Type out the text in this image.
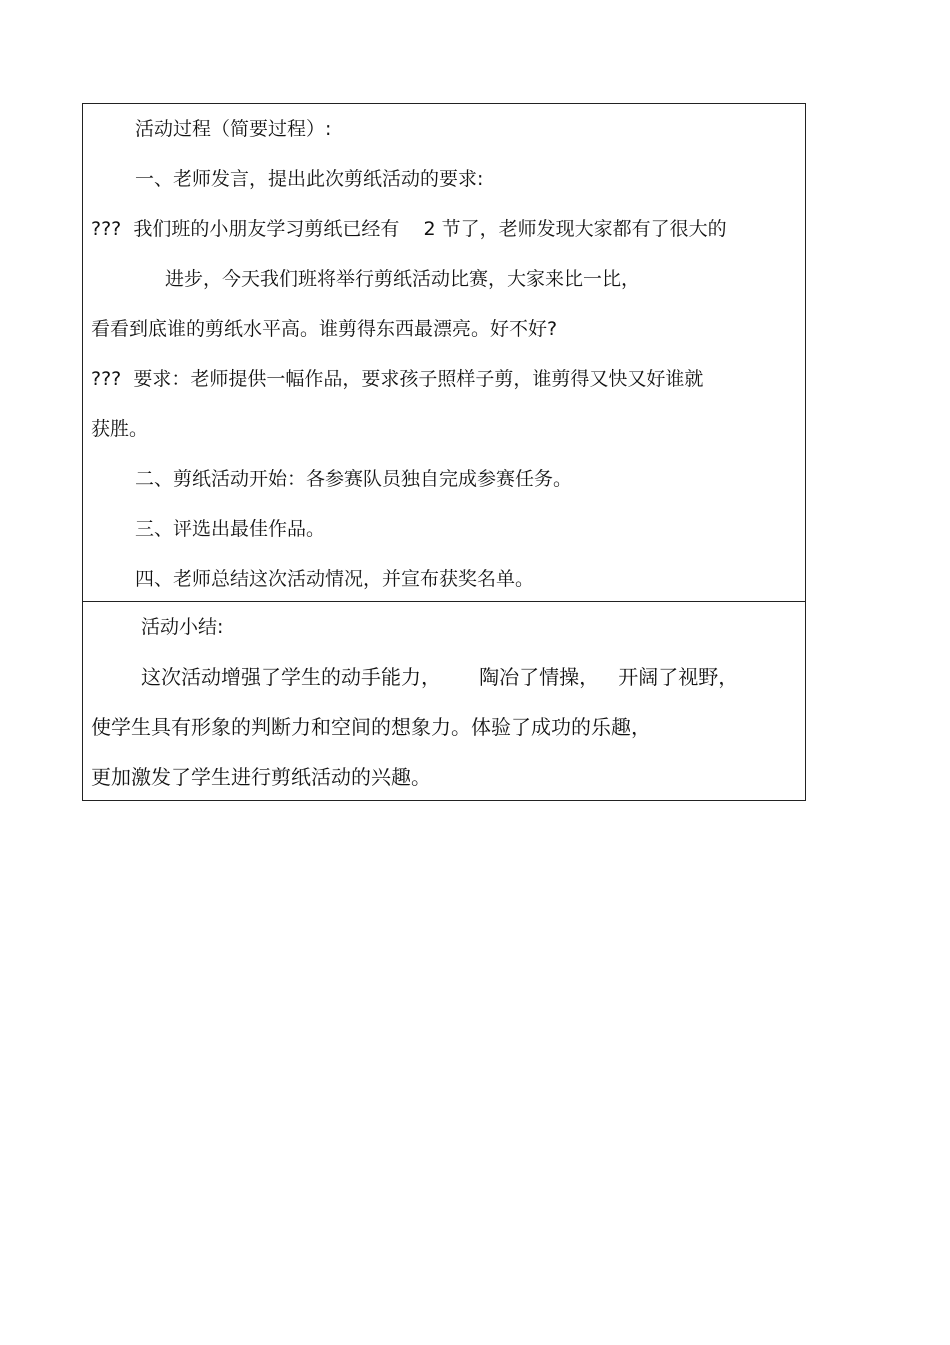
活动过程（简要过程）:
一、老师发言，提出此次剪纸活动的要求:
???  我们班的小朋友学习剪纸已经有    2 节了，老师发现大家都有了很大的
进步，今天我们班将举行剪纸活动比赛，大家来比一比，
看看到底谁的剪纸水平高。谁剪得东西最漂亮。好不好?
???  要求：老师提供一幅作品，要求孩子照样子剪，谁剪得又快又好谁就
获胜。
二、剪纸活动开始：各参赛队员独自完成参赛任务。
三、评选出最佳作品。
四、老师总结这次活动情况，并宣布获奖名单。
活动小结:
这次活动增强了学生的动手能力，      陶冶了情操，   开阔了视野，
使学生具有形象的判断力和空间的想象力。体验了成功的乐趣，
更加激发了学生进行剪纸活动的兴趣。
